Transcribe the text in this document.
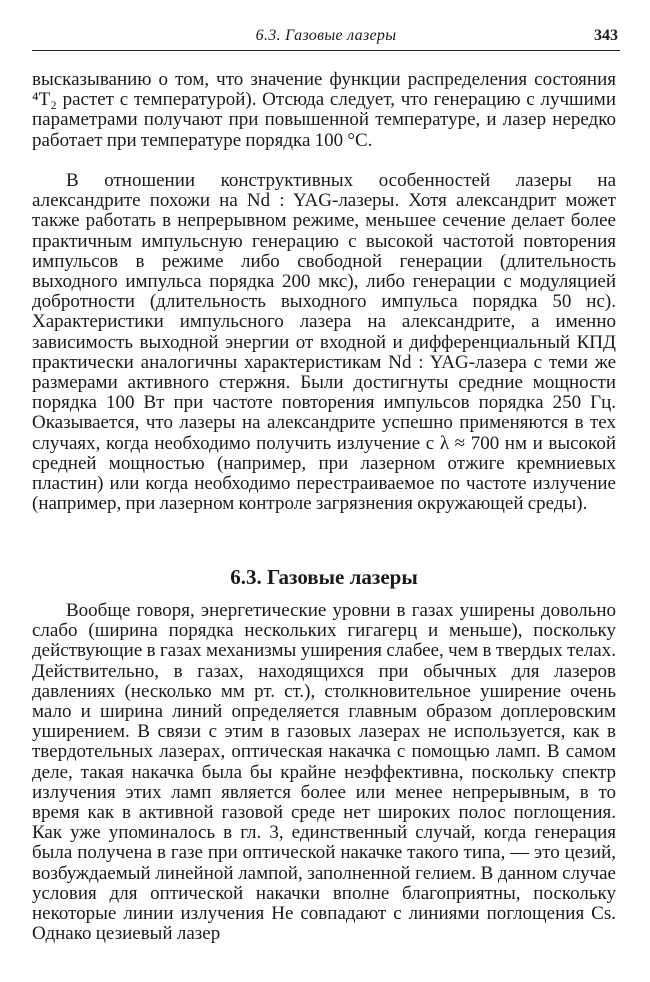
6.3. Газовые лазеры	343

высказыванию о том, что значение функции распределения состояния ⁴T₂ растет с температурой). Отсюда следует, что генерацию с лучшими параметрами получают при повышенной температуре, и лазер нередко работает при температуре порядка 100 °С.

В отношении конструктивных особенностей лазеры на александрите похожи на Nd : YAG-лазеры. Хотя александрит может также работать в непрерывном режиме, меньшее сечение делает более практичным импульсную генерацию с высокой частотой повторения импульсов в режиме либо свободной генерации (длительность выходного импульса порядка 200 мкс), либо генерации с модуляцией добротности (длительность выходного импульса порядка 50 нс). Характеристики импульсного лазера на александрите, а именно зависимость выходной энергии от входной и дифференциальный КПД практически аналогичны характеристикам Nd : YAG-лазера с теми же размерами активного стержня. Были достигнуты средние мощности порядка 100 Вт при частоте повторения импульсов порядка 250 Гц. Оказывается, что лазеры на александрите успешно применяются в тех случаях, когда необходимо получить излучение с λ ≈ 700 нм и высокой средней мощностью (например, при лазерном отжиге кремниевых пластин) или когда необходимо перестраиваемое по частоте излучение (например, при лазерном контроле загрязнения окружающей среды).

6.3. Газовые лазеры

Вообще говоря, энергетические уровни в газах уширены довольно слабо (ширина порядка нескольких гигагерц и меньше), поскольку действующие в газах механизмы уширения слабее, чем в твердых телах. Действительно, в газах, находящихся при обычных для лазеров давлениях (несколько мм рт. ст.), столкновительное уширение очень мало и ширина линий определяется главным образом доплеровским уширением. В связи с этим в газовых лазерах не используется, как в твердотельных лазерах, оптическая накачка с помощью ламп. В самом деле, такая накачка была бы крайне неэффективна, поскольку спектр излучения этих ламп является более или менее непрерывным, в то время как в активной газовой среде нет широких полос поглощения. Как уже упоминалось в гл. 3, единственный случай, когда генерация была получена в газе при оптической накачке такого типа, — это цезий, возбуждаемый линейной лампой, заполненной гелием. В данном случае условия для оптической накачки вполне благоприятны, поскольку некоторые линии излучения Не совпадают с линиями поглощения Cs. Однако цезиевый лазер
